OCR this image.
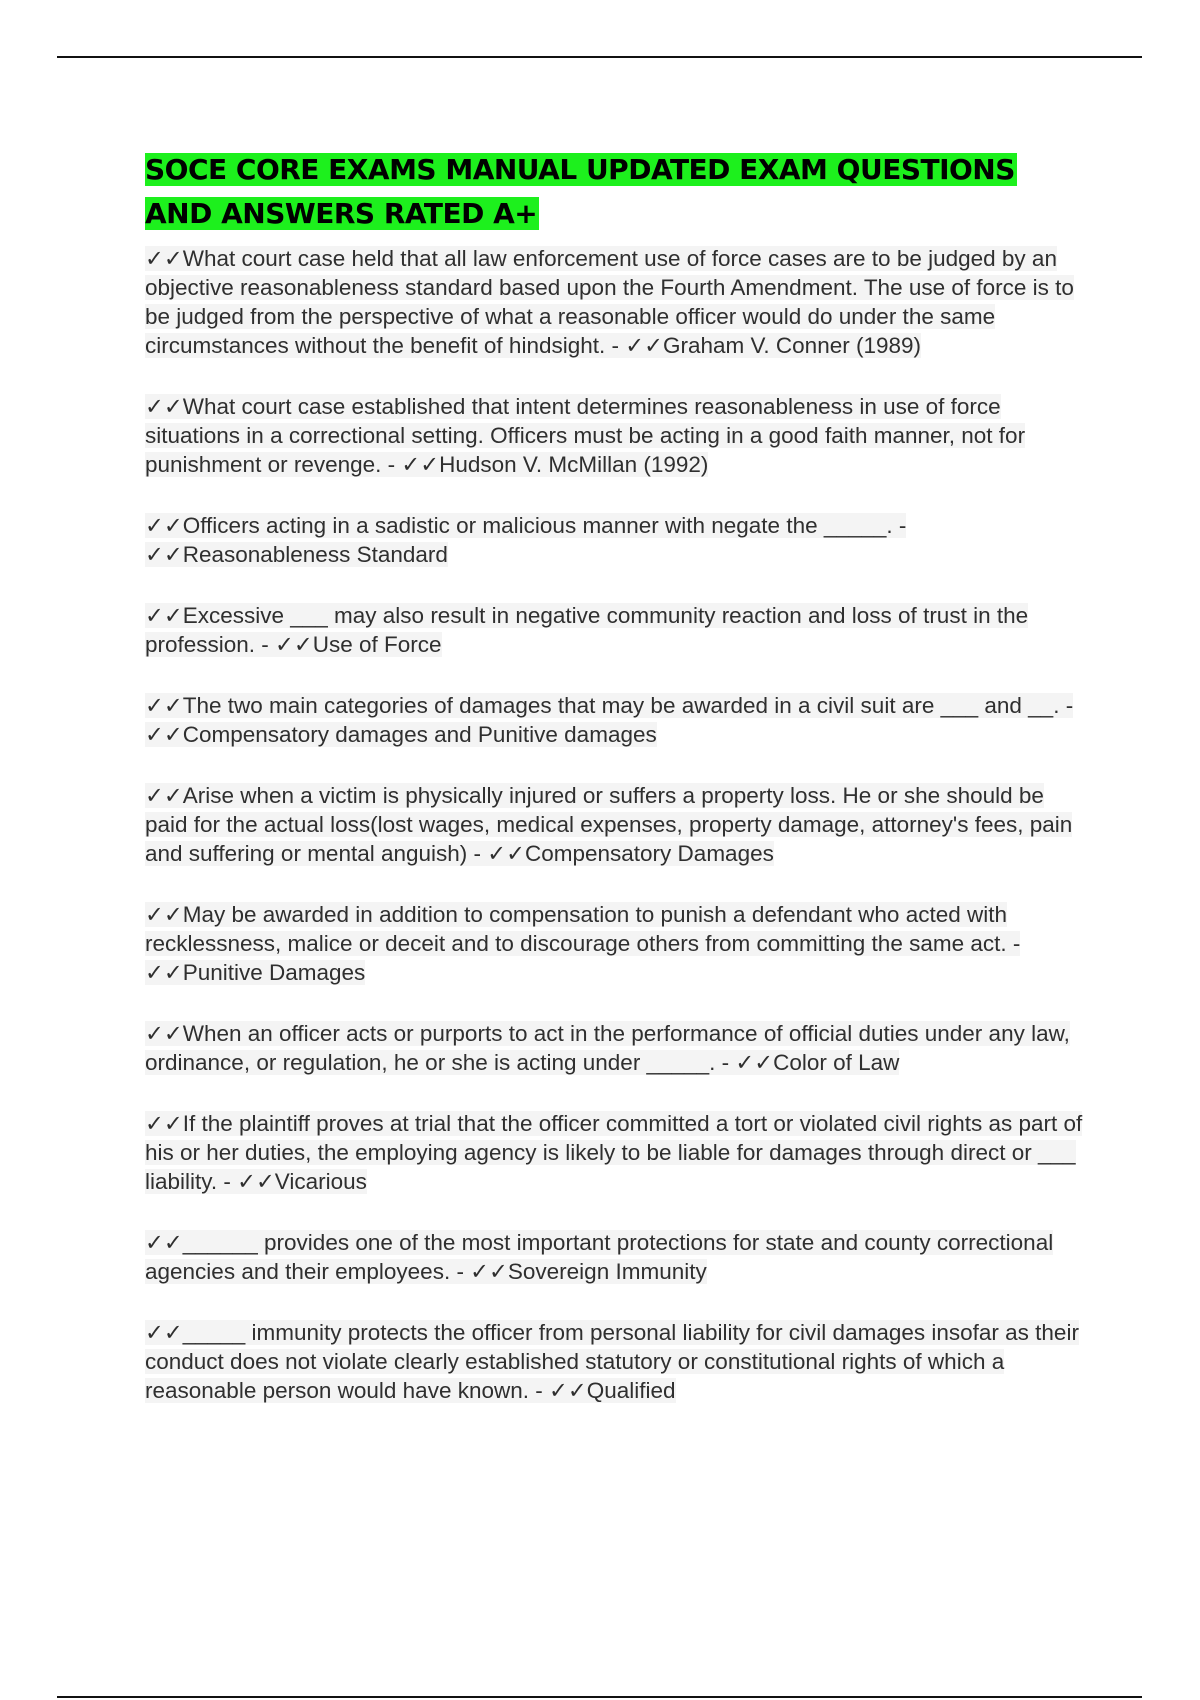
SOCE CORE EXAMS MANUAL UPDATED EXAM QUESTIONS AND ANSWERS RATED A+

✓✓What court case held that all law enforcement use of force cases are to be judged by an objective reasonableness standard based upon the Fourth Amendment. The use of force is to be judged from the perspective of what a reasonable officer would do under the same circumstances without the benefit of hindsight. - ✓✓Graham V. Conner (1989)

✓✓What court case established that intent determines reasonableness in use of force situations in a correctional setting. Officers must be acting in a good faith manner, not for punishment or revenge. - ✓✓Hudson V. McMillan (1992)

✓✓Officers acting in a sadistic or malicious manner with negate the _____. - ✓✓Reasonableness Standard

✓✓Excessive ___ may also result in negative community reaction and loss of trust in the profession. - ✓✓Use of Force

✓✓The two main categories of damages that may be awarded in a civil suit are ___ and __. - ✓✓Compensatory damages and Punitive damages

✓✓Arise when a victim is physically injured or suffers a property loss. He or she should be paid for the actual loss(lost wages, medical expenses, property damage, attorney's fees, pain and suffering or mental anguish) - ✓✓Compensatory Damages

✓✓May be awarded in addition to compensation to punish a defendant who acted with recklessness, malice or deceit and to discourage others from committing the same act. - ✓✓Punitive Damages

✓✓When an officer acts or purports to act in the performance of official duties under any law, ordinance, or regulation, he or she is acting under _____. - ✓✓Color of Law

✓✓If the plaintiff proves at trial that the officer committed a tort or violated civil rights as part of his or her duties, the employing agency is likely to be liable for damages through direct or ___ liability. - ✓✓Vicarious

✓✓______ provides one of the most important protections for state and county correctional agencies and their employees. - ✓✓Sovereign Immunity

✓✓_____ immunity protects the officer from personal liability for civil damages insofar as their conduct does not violate clearly established statutory or constitutional rights of which a reasonable person would have known. - ✓✓Qualified
